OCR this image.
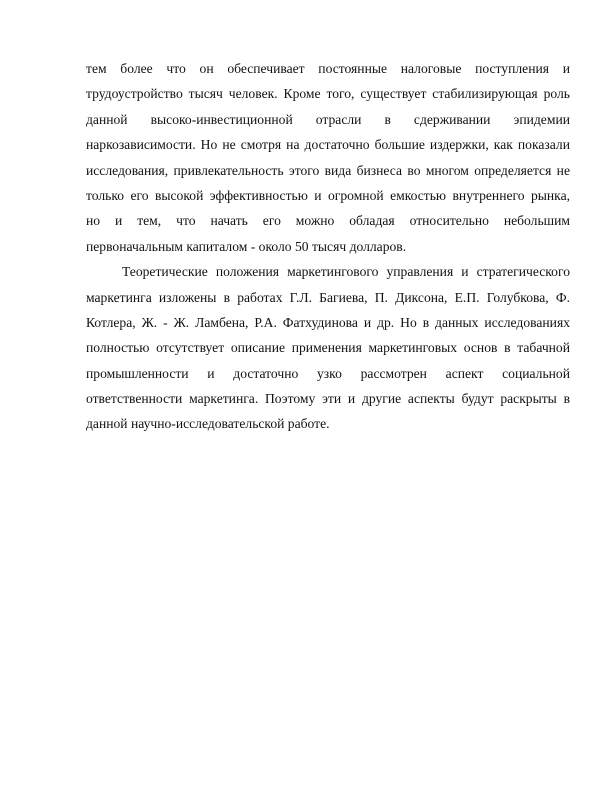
тем более что он обеспечивает постоянные налоговые поступления и
трудоустройство тысяч человек. Кроме того, существует стабилизирующая роль
данной высоко-инвестиционной отрасли в сдерживании эпидемии
наркозависимости. Но не смотря на достаточно большие издержки, как показали
исследования, привлекательность этого вида бизнеса во многом определяется не
только его высокой эффективностью и огромной емкостью внутреннего рынка,
но и тем, что начать его можно обладая относительно небольшим
первоначальным капиталом - около 50 тысяч долларов.
Теоретические положения маркетингового управления и стратегического
маркетинга изложены в работах Г.Л. Багиева, П. Диксона, Е.П. Голубкова, Ф.
Котлера, Ж. - Ж. Ламбена, Р.А. Фатхудинова и др. Но в данных исследованиях
полностью отсутствует описание применения маркетинговых основ в табачной
промышленности и достаточно узко рассмотрен аспект социальной
ответственности маркетинга. Поэтому эти и другие аспекты будут раскрыты в
данной научно-исследовательской работе.
